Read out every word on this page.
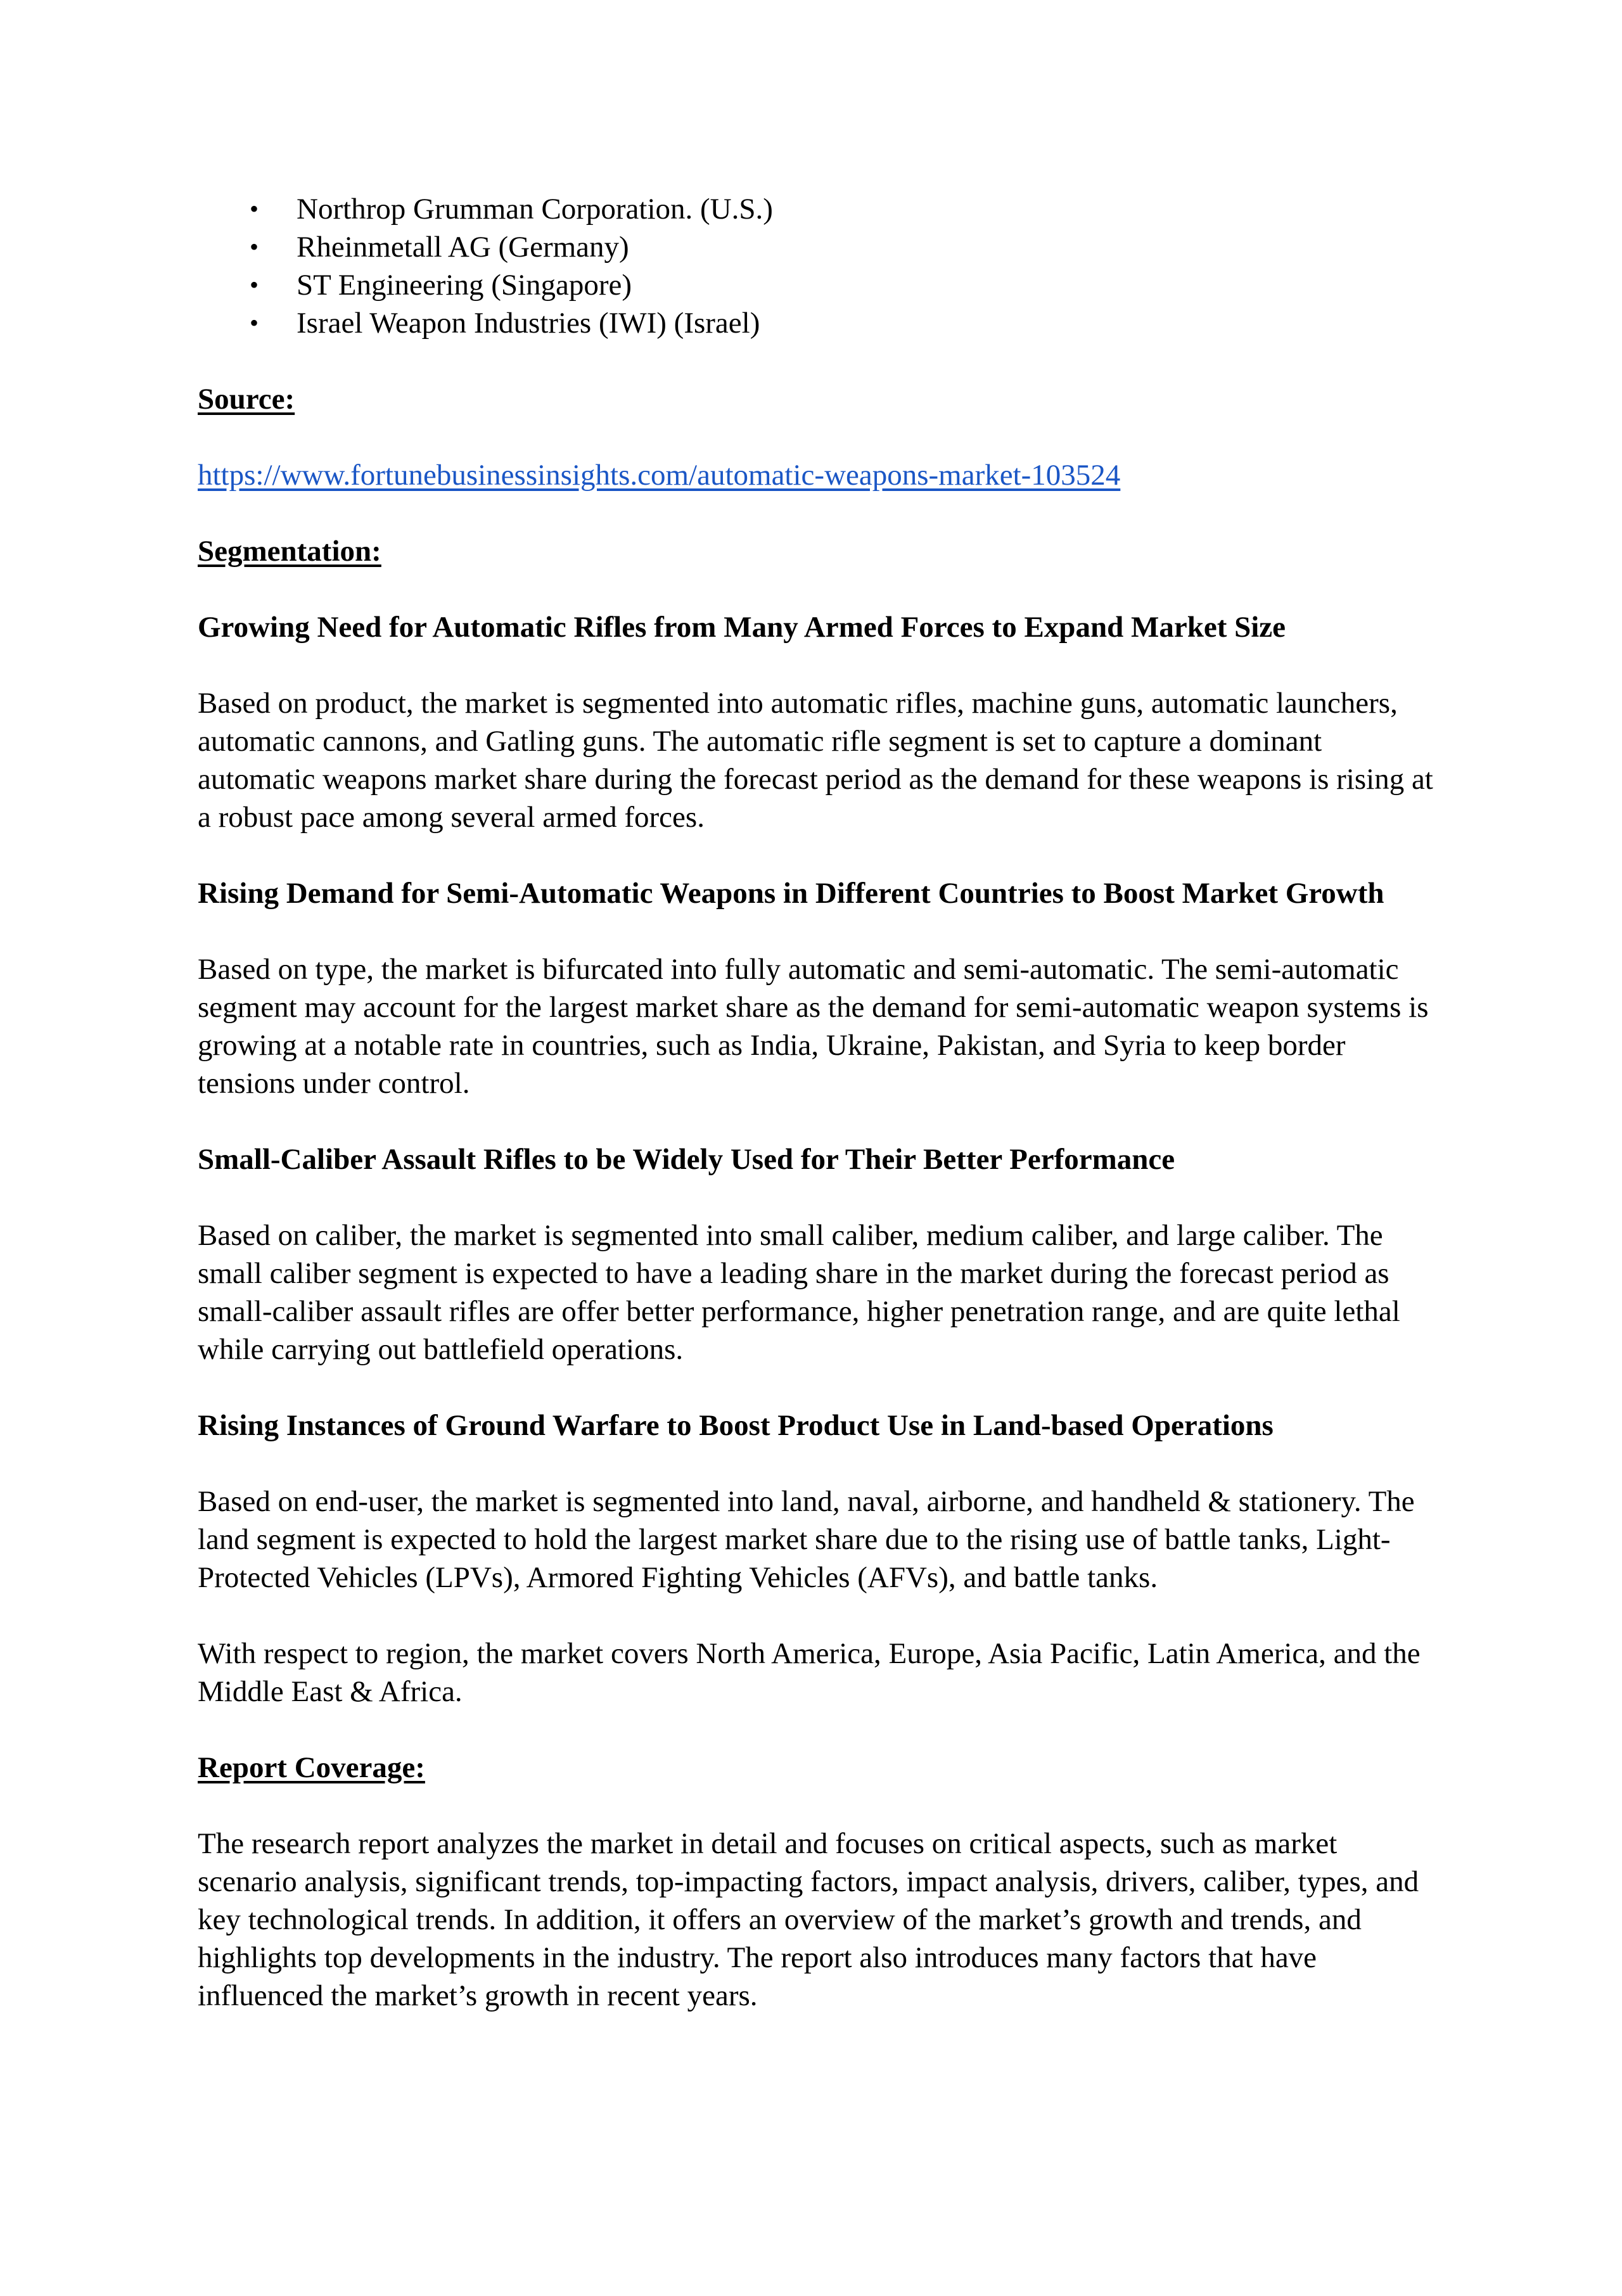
• Northrop Grumman Corporation. (U.S.)
• Rheinmetall AG (Germany)
• ST Engineering (Singapore)
• Israel Weapon Industries (IWI) (Israel)

Source:

https://www.fortunebusinessinsights.com/automatic-weapons-market-103524

Segmentation:

Growing Need for Automatic Rifles from Many Armed Forces to Expand Market Size

Based on product, the market is segmented into automatic rifles, machine guns, automatic launchers, automatic cannons, and Gatling guns. The automatic rifle segment is set to capture a dominant automatic weapons market share during the forecast period as the demand for these weapons is rising at a robust pace among several armed forces.

Rising Demand for Semi-Automatic Weapons in Different Countries to Boost Market Growth

Based on type, the market is bifurcated into fully automatic and semi-automatic. The semi-automatic segment may account for the largest market share as the demand for semi-automatic weapon systems is growing at a notable rate in countries, such as India, Ukraine, Pakistan, and Syria to keep border tensions under control.

Small-Caliber Assault Rifles to be Widely Used for Their Better Performance

Based on caliber, the market is segmented into small caliber, medium caliber, and large caliber. The small caliber segment is expected to have a leading share in the market during the forecast period as small-caliber assault rifles are offer better performance, higher penetration range, and are quite lethal while carrying out battlefield operations.

Rising Instances of Ground Warfare to Boost Product Use in Land-based Operations

Based on end-user, the market is segmented into land, naval, airborne, and handheld & stationery. The land segment is expected to hold the largest market share due to the rising use of battle tanks, Light-Protected Vehicles (LPVs), Armored Fighting Vehicles (AFVs), and battle tanks.

With respect to region, the market covers North America, Europe, Asia Pacific, Latin America, and the Middle East & Africa.

Report Coverage:

The research report analyzes the market in detail and focuses on critical aspects, such as market scenario analysis, significant trends, top-impacting factors, impact analysis, drivers, caliber, types, and key technological trends. In addition, it offers an overview of the market’s growth and trends, and highlights top developments in the industry. The report also introduces many factors that have influenced the market’s growth in recent years.
